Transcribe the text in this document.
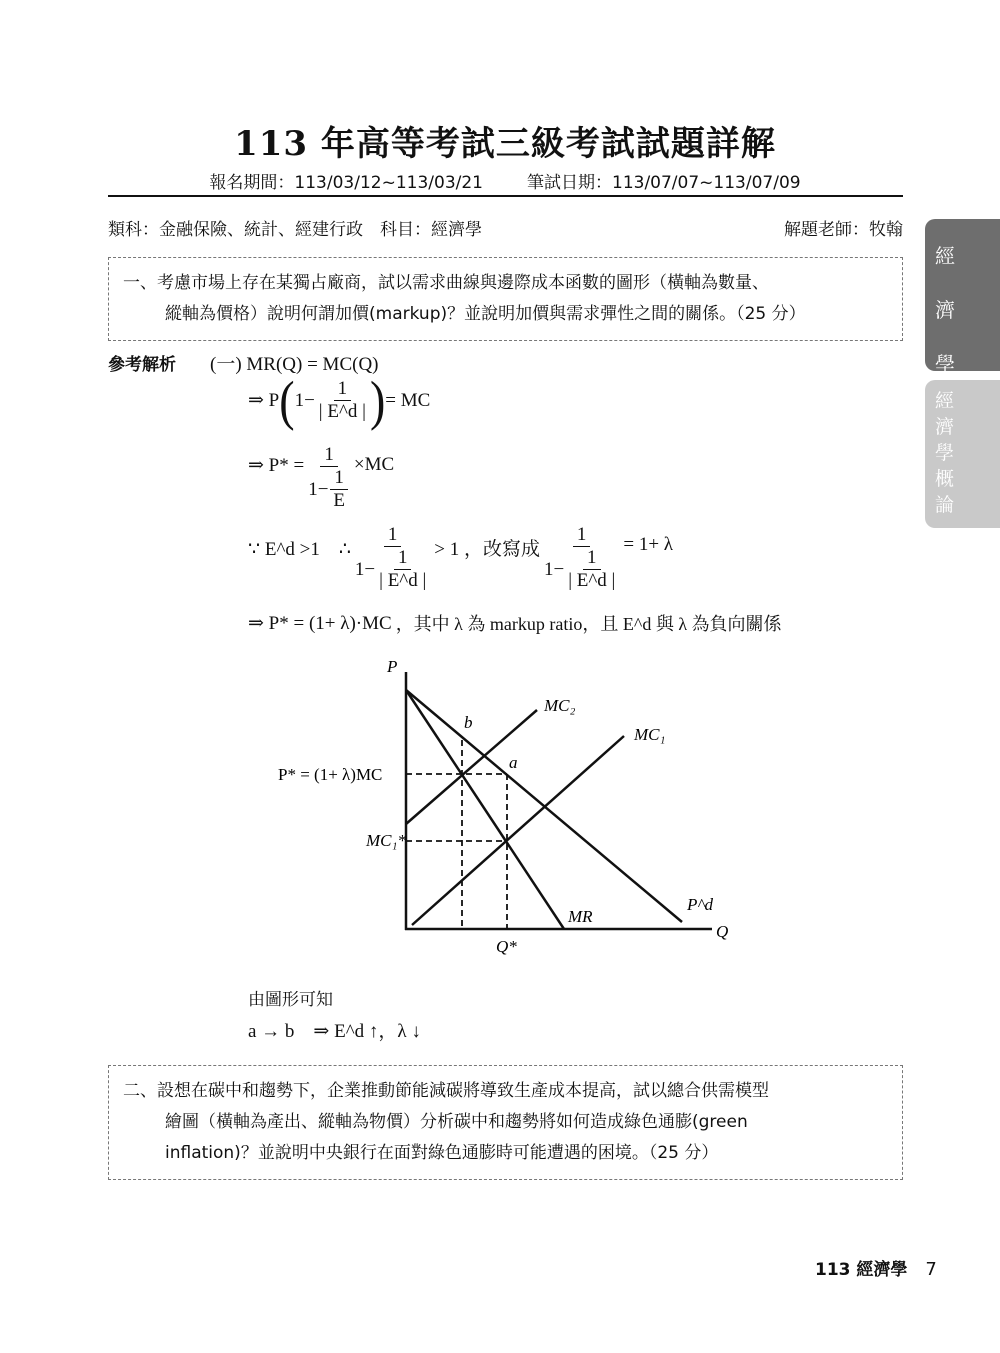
113 年高等考試三級考試試題詳解
報名期間：113/03/12~113/03/21	筆試日期：113/07/07~113/07/09
類科：金融保險、統計、經建行政　科目：經濟學	解題老師：牧翰
經
濟
學
經
濟
學
概
論
一、考慮市場上存在某獨占廠商，試以需求曲線與邊際成本函數的圖形（橫軸為數量、
縱軸為價格）說明何謂加價(markup)？並說明加價與需求彈性之間的關係。（25 分）
參考解析 (一) MR(Q) = MC(Q)
⇒ P ( $1- \frac{1}{| E\^{}d |}$ ) = MC
⇒ $P* = \frac{1}{1- \frac{1}{E}} \times MC$
∵ E^d >1　∴ $\frac{1}{1- \frac{1}{| E\^{}d |}} > 1$ ，改寫成 $\frac{1}{1- \frac{1}{| E\^{}d |}} = 1+ \lambda$
⇒ P* = (1+ λ)·MC ，其中 λ 為 markup ratio，且 E^d 與 λ 為負向關係
P
Q
MC₂
MC₁
P^d
MR
a
b
P* = (1+ λ)MC
MC₁*
Q*
由圖形可知
a → b　⇒ E^d ↑，λ ↓
二、設想在碳中和趨勢下，企業推動節能減碳將導致生產成本提高，試以總合供需模型
繪圖（橫軸為產出、縱軸為物價）分析碳中和趨勢將如何造成綠色通膨(green
inflation)？並說明中央銀行在面對綠色通膨時可能遭遇的困境。（25 分）
113 經濟學 7
